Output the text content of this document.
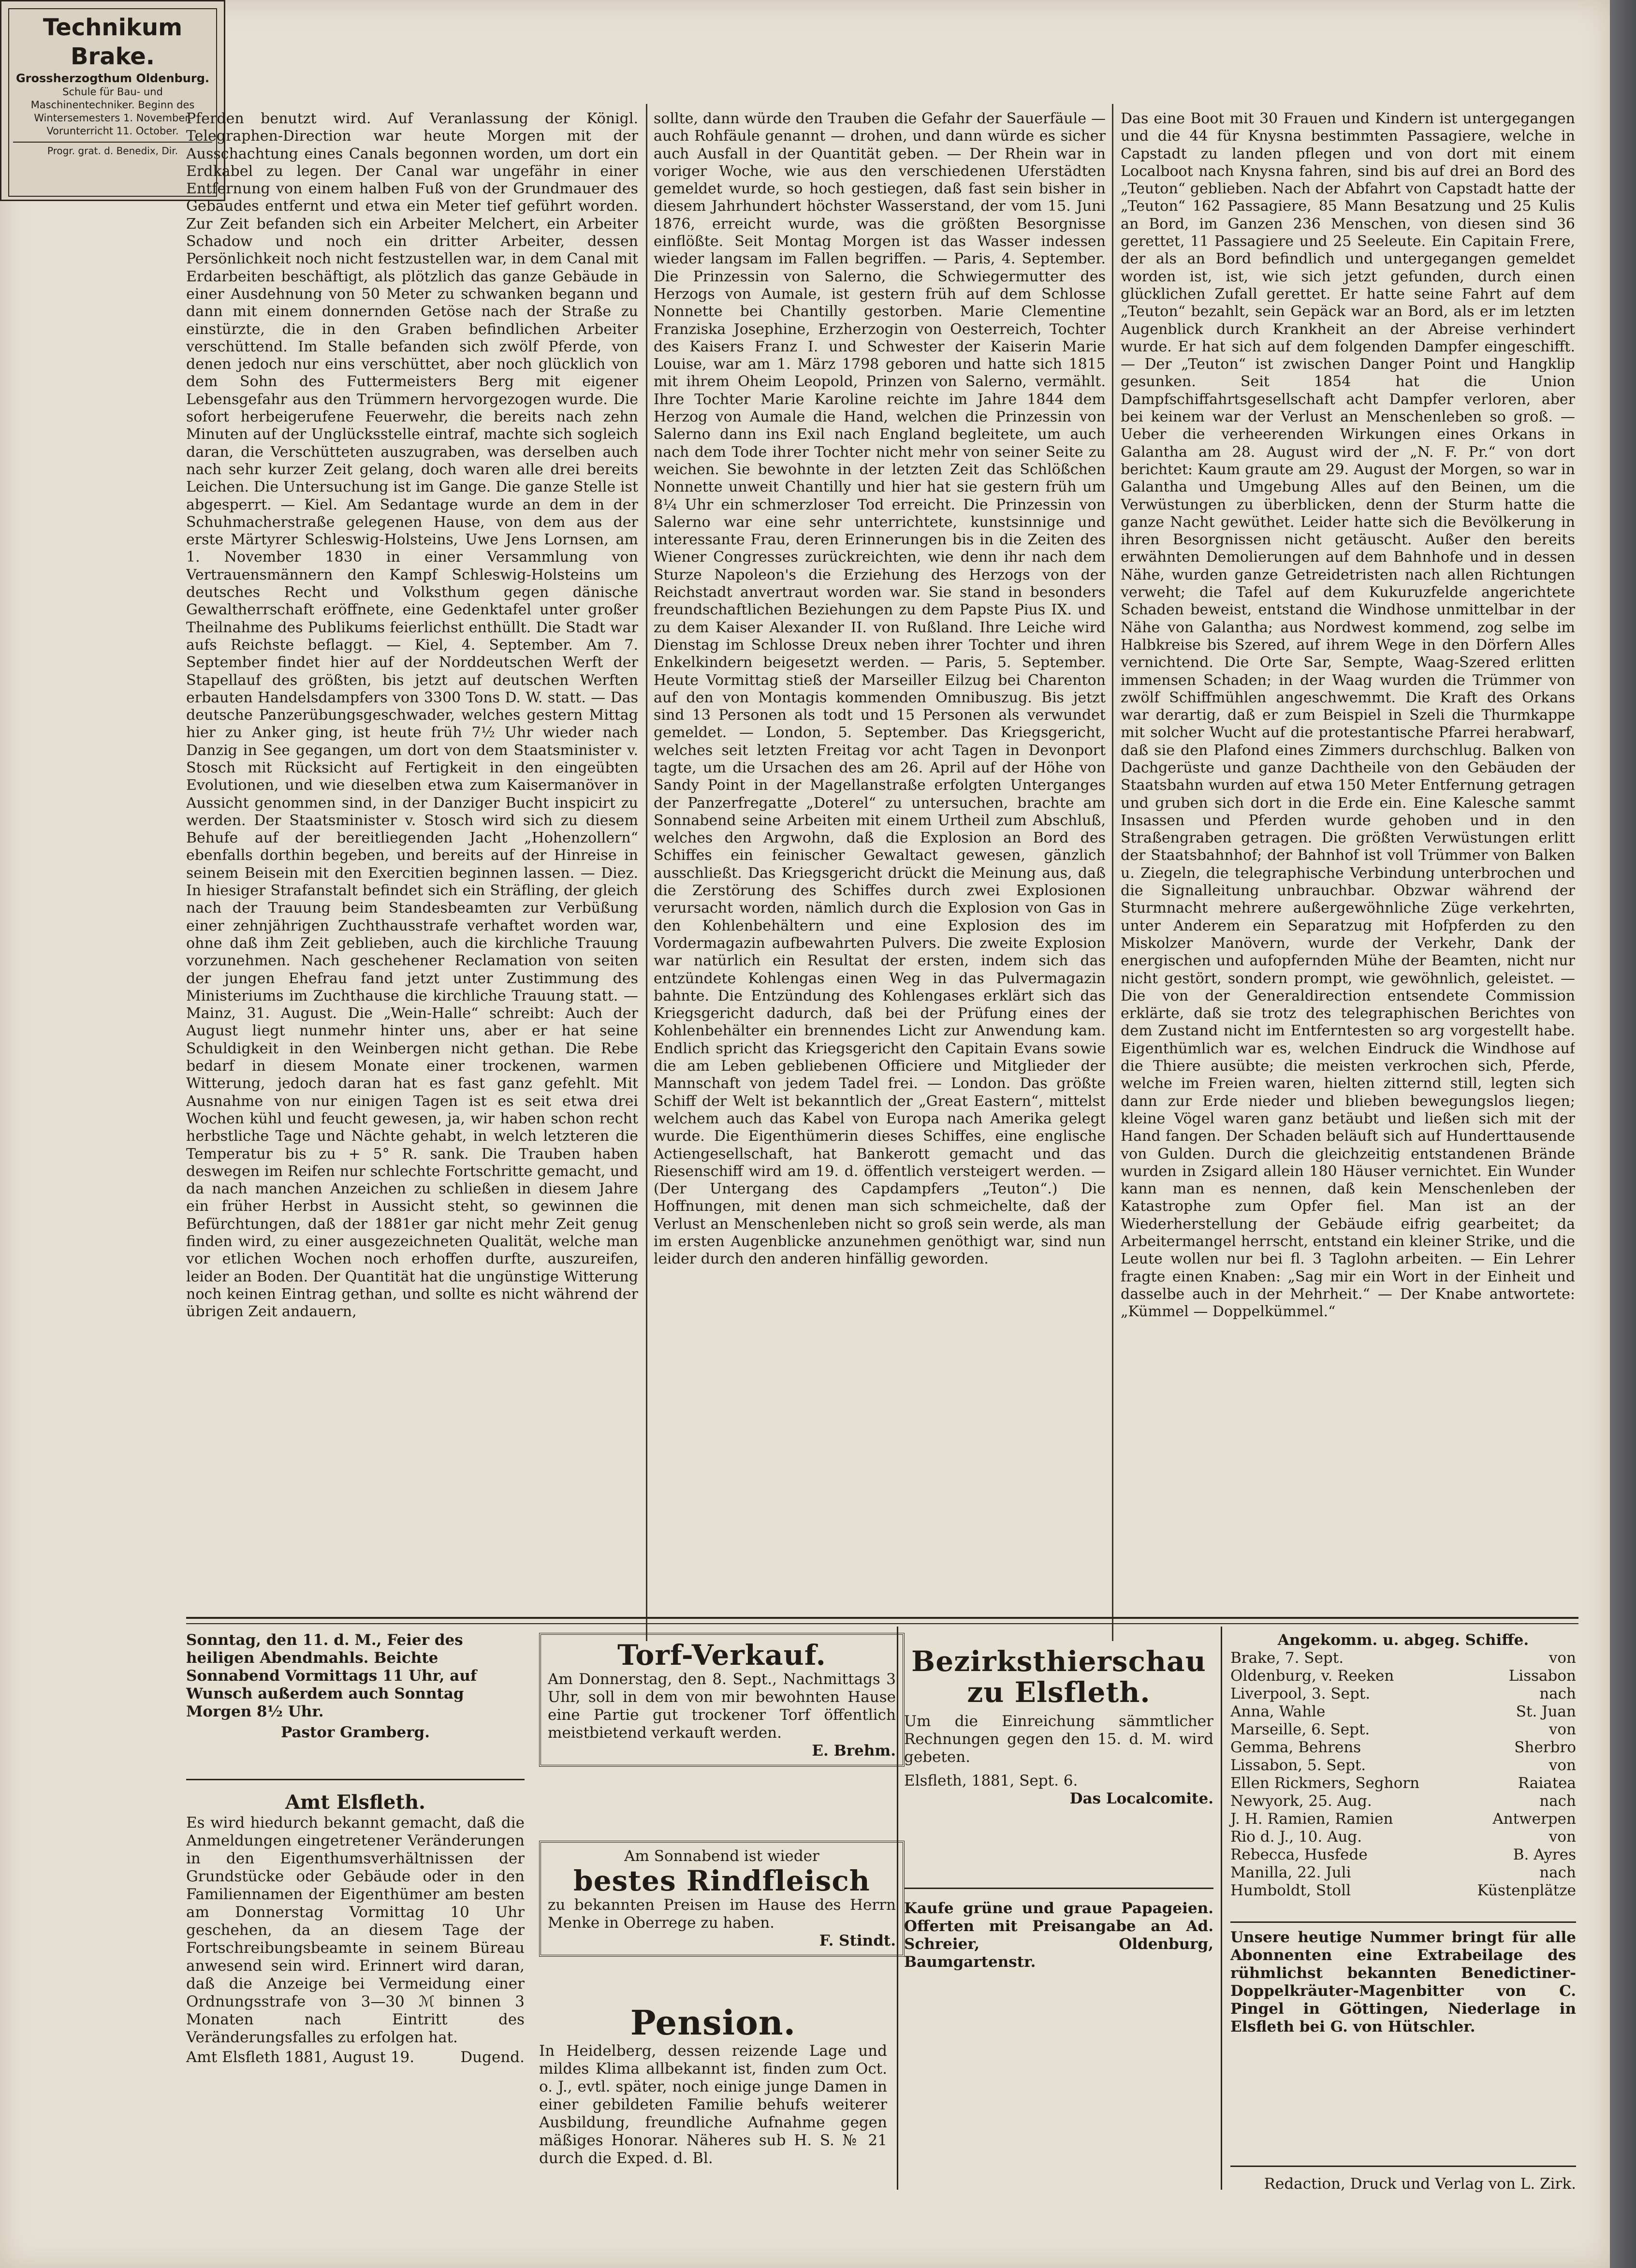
Pferden benutzt wird. Auf Veranlassung der Königl. Telegraphen-Direction war heute Morgen mit der Ausschachtung eines Canals begonnen worden, um dort ein Erdkabel zu legen. Der Canal war ungefähr in einer Entfernung von einem halben Fuß von der Grundmauer des Gebäudes entfernt und etwa ein Meter tief geführt worden. Zur Zeit befanden sich ein Arbeiter Melchert, ein Arbeiter Schadow und noch ein dritter Arbeiter, dessen Persönlichkeit noch nicht festzustellen war, in dem Canal mit Erdarbeiten beschäftigt, als plötzlich das ganze Gebäude in einer Ausdehnung von 50 Meter zu schwanken begann und dann mit einem donnernden Getöse nach der Straße zu einstürzte, die in den Graben befindlichen Arbeiter verschüttend. Im Stalle befanden sich zwölf Pferde, von denen jedoch nur eins verschüttet, aber noch glücklich von dem Sohn des Futtermeisters Berg mit eigener Lebensgefahr aus den Trümmern hervorgezogen wurde. Die sofort herbeigerufene Feuerwehr, die bereits nach zehn Minuten auf der Unglücksstelle eintraf, machte sich sogleich daran, die Verschütteten auszugraben, was derselben auch nach sehr kurzer Zeit gelang, doch waren alle drei bereits Leichen. Die Untersuchung ist im Gange. Die ganze Stelle ist abgesperrt. — Kiel. Am Sedantage wurde an dem in der Schuhmacherstraße gelegenen Hause, von dem aus der erste Märtyrer Schleswig-Holsteins, Uwe Jens Lornsen, am 1. November 1830 in einer Versammlung von Vertrauensmännern den Kampf Schleswig-Holsteins um deutsches Recht und Volksthum gegen dänische Gewaltherrschaft eröffnete, eine Gedenktafel unter großer Theilnahme des Publikums feierlichst enthüllt. Die Stadt war aufs Reichste beflaggt. — Kiel, 4. September. Am 7. September findet hier auf der Norddeutschen Werft der Stapellauf des größten, bis jetzt auf deutschen Werften erbauten Handelsdampfers von 3300 Tons D. W. statt. — Das deutsche Panzerübungsgeschwader, welches gestern Mittag hier zu Anker ging, ist heute früh 7½ Uhr wieder nach Danzig in See gegangen, um dort von dem Staatsminister v. Stosch mit Rücksicht auf Fertigkeit in den eingeübten Evolutionen, und wie dieselben etwa zum Kaisermanöver in Aussicht genommen sind, in der Danziger Bucht inspicirt zu werden. Der Staatsminister v. Stosch wird sich zu diesem Behufe auf der bereitliegenden Jacht „Hohenzollern“ ebenfalls dorthin begeben, und bereits auf der Hinreise in seinem Beisein mit den Exercitien beginnen lassen. — Diez. In hiesiger Strafanstalt befindet sich ein Sträfling, der gleich nach der Trauung beim Standesbeamten zur Verbüßung einer zehnjährigen Zuchthausstrafe verhaftet worden war, ohne daß ihm Zeit geblieben, auch die kirchliche Trauung vorzunehmen. Nach geschehener Reclamation von seiten der jungen Ehefrau fand jetzt unter Zustimmung des Ministeriums im Zuchthause die kirchliche Trauung statt. — Mainz, 31. August. Die „Wein-Halle“ schreibt: Auch der August liegt nunmehr hinter uns, aber er hat seine Schuldigkeit in den Weinbergen nicht gethan. Die Rebe bedarf in diesem Monate einer trockenen, warmen Witterung, jedoch daran hat es fast ganz gefehlt. Mit Ausnahme von nur einigen Tagen ist es seit etwa drei Wochen kühl und feucht gewesen, ja, wir haben schon recht herbstliche Tage und Nächte gehabt, in welch letzteren die Temperatur bis zu + 5° R. sank. Die Trauben haben deswegen im Reifen nur schlechte Fortschritte gemacht, und da nach manchen Anzeichen zu schließen in diesem Jahre ein früher Herbst in Aussicht steht, so gewinnen die Befürchtungen, daß der 1881er gar nicht mehr Zeit genug finden wird, zu einer ausgezeichneten Qualität, welche man vor etlichen Wochen noch erhoffen durfte, auszureifen, leider an Boden. Der Quantität hat die ungünstige Witterung noch keinen Eintrag gethan, und sollte es nicht während der übrigen Zeit andauern,

sollte, dann würde den Trauben die Gefahr der Sauerfäule — auch Rohfäule genannt — drohen, und dann würde es sicher auch Ausfall in der Quantität geben. — Der Rhein war in voriger Woche, wie aus den verschiedenen Uferstädten gemeldet wurde, so hoch gestiegen, daß fast sein bisher in diesem Jahrhundert höchster Wasserstand, der vom 15. Juni 1876, erreicht wurde, was die größten Besorgnisse einflößte. Seit Montag Morgen ist das Wasser indessen wieder langsam im Fallen begriffen. — Paris, 4. September. Die Prinzessin von Salerno, die Schwiegermutter des Herzogs von Aumale, ist gestern früh auf dem Schlosse Nonnette bei Chantilly gestorben. Marie Clementine Franziska Josephine, Erzherzogin von Oesterreich, Tochter des Kaisers Franz I. und Schwester der Kaiserin Marie Louise, war am 1. März 1798 geboren und hatte sich 1815 mit ihrem Oheim Leopold, Prinzen von Salerno, vermählt. Ihre Tochter Marie Karoline reichte im Jahre 1844 dem Herzog von Aumale die Hand, welchen die Prinzessin von Salerno dann ins Exil nach England begleitete, um auch nach dem Tode ihrer Tochter nicht mehr von seiner Seite zu weichen. Sie bewohnte in der letzten Zeit das Schlößchen Nonnette unweit Chantilly und hier hat sie gestern früh um 8¼ Uhr ein schmerzloser Tod erreicht. Die Prinzessin von Salerno war eine sehr unterrichtete, kunstsinnige und interessante Frau, deren Erinnerungen bis in die Zeiten des Wiener Congresses zurückreichten, wie denn ihr nach dem Sturze Napoleon's die Erziehung des Herzogs von der Reichstadt anvertraut worden war. Sie stand in besonders freundschaftlichen Beziehungen zu dem Papste Pius IX. und zu dem Kaiser Alexander II. von Rußland. Ihre Leiche wird Dienstag im Schlosse Dreux neben ihrer Tochter und ihren Enkelkindern beigesetzt werden. — Paris, 5. September. Heute Vormittag stieß der Marseiller Eilzug bei Charenton auf den von Montagis kommenden Omnibuszug. Bis jetzt sind 13 Personen als todt und 15 Personen als verwundet gemeldet. — London, 5. September. Das Kriegsgericht, welches seit letzten Freitag vor acht Tagen in Devonport tagte, um die Ursachen des am 26. April auf der Höhe von Sandy Point in der Magellanstraße erfolgten Unterganges der Panzerfregatte „Doterel“ zu untersuchen, brachte am Sonnabend seine Arbeiten mit einem Urtheil zum Abschluß, welches den Argwohn, daß die Explosion an Bord des Schiffes ein feinischer Gewaltact gewesen, gänzlich ausschließt. Das Kriegsgericht drückt die Meinung aus, daß die Zerstörung des Schiffes durch zwei Explosionen verursacht worden, nämlich durch die Explosion von Gas in den Kohlenbehältern und eine Explosion des im Vordermagazin aufbewahrten Pulvers. Die zweite Explosion war natürlich ein Resultat der ersten, indem sich das entzündete Kohlengas einen Weg in das Pulvermagazin bahnte. Die Entzündung des Kohlengases erklärt sich das Kriegsgericht dadurch, daß bei der Prüfung eines der Kohlenbehälter ein brennendes Licht zur Anwendung kam. Endlich spricht das Kriegsgericht den Capitain Evans sowie die am Leben gebliebenen Officiere und Mitglieder der Mannschaft von jedem Tadel frei. — London. Das größte Schiff der Welt ist bekanntlich der „Great Eastern“, mittelst welchem auch das Kabel von Europa nach Amerika gelegt wurde. Die Eigenthümerin dieses Schiffes, eine englische Actiengesellschaft, hat Bankerott gemacht und das Riesenschiff wird am 19. d. öffentlich versteigert werden. — (Der Untergang des Capdampfers „Teuton“.) Die Hoffnungen, mit denen man sich schmeichelte, daß der Verlust an Menschenleben nicht so groß sein werde, als man im ersten Augenblicke anzunehmen genöthigt war, sind nun leider durch den anderen hinfällig geworden.

Das eine Boot mit 30 Frauen und Kindern ist untergegangen und die 44 für Knysna bestimmten Passagiere, welche in Capstadt zu landen pflegen und von dort mit einem Localboot nach Knysna fahren, sind bis auf drei an Bord des „Teuton“ geblieben. Nach der Abfahrt von Capstadt hatte der „Teuton“ 162 Passagiere, 85 Mann Besatzung und 25 Kulis an Bord, im Ganzen 236 Menschen, von diesen sind 36 gerettet, 11 Passagiere und 25 Seeleute. Ein Capitain Frere, der als an Bord befindlich und untergegangen gemeldet worden ist, ist, wie sich jetzt gefunden, durch einen glücklichen Zufall gerettet. Er hatte seine Fahrt auf dem „Teuton“ bezahlt, sein Gepäck war an Bord, als er im letzten Augenblick durch Krankheit an der Abreise verhindert wurde. Er hat sich auf dem folgenden Dampfer eingeschifft. — Der „Teuton“ ist zwischen Danger Point und Hangklip gesunken. Seit 1854 hat die Union Dampfschiffahrtsgesellschaft acht Dampfer verloren, aber bei keinem war der Verlust an Menschenleben so groß. — Ueber die verheerenden Wirkungen eines Orkans in Galantha am 28. August wird der „N. F. Pr.“ von dort berichtet: Kaum graute am 29. August der Morgen, so war in Galantha und Umgebung Alles auf den Beinen, um die Verwüstungen zu überblicken, denn der Sturm hatte die ganze Nacht gewüthet. Leider hatte sich die Bevölkerung in ihren Besorgnissen nicht getäuscht. Außer den bereits erwähnten Demolierungen auf dem Bahnhofe und in dessen Nähe, wurden ganze Getreidetristen nach allen Richtungen verweht; die Tafel auf dem Kukuruzfelde angerichtete Schaden beweist, entstand die Windhose unmittelbar in der Nähe von Galantha; aus Nordwest kommend, zog selbe im Halbkreise bis Szered, auf ihrem Wege in den Dörfern Alles vernichtend. Die Orte Sar, Sempte, Waag-Szered erlitten immensen Schaden; in der Waag wurden die Trümmer von zwölf Schiffmühlen angeschwemmt. Die Kraft des Orkans war derartig, daß er zum Beispiel in Szeli die Thurmkappe mit solcher Wucht auf die protestantische Pfarrei herabwarf, daß sie den Plafond eines Zimmers durchschlug. Balken von Dachgerüste und ganze Dachtheile von den Gebäuden der Staatsbahn wurden auf etwa 150 Meter Entfernung getragen und gruben sich dort in die Erde ein. Eine Kalesche sammt Insassen und Pferden wurde gehoben und in den Straßengraben getragen. Die größten Verwüstungen erlitt der Staatsbahnhof; der Bahnhof ist voll Trümmer von Balken u. Ziegeln, die telegraphische Verbindung unterbrochen und die Signalleitung unbrauchbar. Obzwar während der Sturmnacht mehrere außergewöhnliche Züge verkehrten, unter Anderem ein Separatzug mit Hofpferden zu den Miskolzer Manövern, wurde der Verkehr, Dank der energischen und aufopfernden Mühe der Beamten, nicht nur nicht gestört, sondern prompt, wie gewöhnlich, geleistet. — Die von der Generaldirection entsendete Commission erklärte, daß sie trotz des telegraphischen Berichtes von dem Zustand nicht im Entferntesten so arg vorgestellt habe. Eigenthümlich war es, welchen Eindruck die Windhose auf die Thiere ausübte; die meisten verkrochen sich, Pferde, welche im Freien waren, hielten zitternd still, legten sich dann zur Erde nieder und blieben bewegungslos liegen; kleine Vögel waren ganz betäubt und ließen sich mit der Hand fangen. Der Schaden beläuft sich auf Hunderttausende von Gulden. Durch die gleichzeitig entstandenen Brände wurden in Zsigard allein 180 Häuser vernichtet. Ein Wunder kann man es nennen, daß kein Menschenleben der Katastrophe zum Opfer fiel. Man ist an der Wiederherstellung der Gebäude eifrig gearbeitet; da Arbeitermangel herrscht, entstand ein kleiner Strike, und die Leute wollen nur bei fl. 3 Taglohn arbeiten. — Ein Lehrer fragte einen Knaben: „Sag mir ein Wort in der Einheit und dasselbe auch in der Mehrheit.“ — Der Knabe antwortete: „Kümmel — Doppelkümmel.“

Sonntag, den 11. d. M., Feier des heiligen Abendmahls. Beichte Sonnabend Vormittags 11 Uhr, auf Wunsch außerdem auch Sonntag Morgen 8½ Uhr.
Pastor Gramberg.
Amt Elsfleth.
Es wird hiedurch bekannt gemacht, daß die Anmeldungen eingetretener Veränderungen in den Eigenthumsverhältnissen der Grundstücke oder Gebäude oder in den Familiennamen der Eigenthümer am besten am Donnerstag Vormittag 10 Uhr geschehen, da an diesem Tage der Fortschreibungsbeamte in seinem Büreau anwesend sein wird. Erinnert wird daran, daß die Anzeige bei Vermeidung einer Ordnungsstrafe von 3—30 ℳ binnen 3 Monaten nach Eintritt des Veränderungsfalles zu erfolgen hat.
Amt Elsfleth 1881, August 19.	Dugend.
Torf-Verkauf.
Am Donnerstag, den 8. Sept., Nachmittags 3 Uhr, soll in dem von mir bewohnten Hause eine Partie gut trockener Torf öffentlich meistbietend verkauft werden.
E. Brehm.
Am Sonnabend ist wieder
bestes Rindfleisch
zu bekannten Preisen im Hause des Herrn Menke in Oberrege zu haben.
F. Stindt.
Pension.
In Heidelberg, dessen reizende Lage und mildes Klima allbekannt ist, finden zum Oct. o. J., evtl. später, noch einige junge Damen in einer gebildeten Familie behufs weiterer Ausbildung, freundliche Aufnahme gegen mäßiges Honorar. Näheres sub H. S. № 21 durch die Exped. d. Bl.
Bezirksthierschau zu Elsfleth.
Um die Einreichung sämmtlicher Rechnungen gegen den 15. d. M. wird gebeten.
Elsfleth, 1881, Sept. 6.
Das Localcomite.
Kaufe grüne und graue Papageien. Offerten mit Preisangabe an Ad. Schreier, Oldenburg, Baumgartenstr.
Technikum Brake.
Grossherzogthum Oldenburg.
Schule für Bau- und Maschinentechniker. Beginn des Wintersemesters 1. November. Vorunterricht 11. October.
Progr. grat. d. Benedix, Dir.
Angekomm. u. abgeg. Schiffe.
Brake, 7. Sept.	von
Oldenburg, v. Reeken	Lissabon
Liverpool, 3. Sept.	nach
Anna, Wahle	St. Juan
Marseille, 6. Sept.	von
Gemma, Behrens	Sherbro
Lissabon, 5. Sept.	von
Ellen Rickmers, Seghorn	Raiatea
Newyork, 25. Aug.	nach
J. H. Ramien, Ramien	Antwerpen
Rio d. J., 10. Aug.	von
Rebecca, Husfede	B. Ayres
Manilla, 22. Juli	nach
Humboldt, Stoll	Küstenplätze
Unsere heutige Nummer bringt für alle Abonnenten eine Extrabeilage des rühmlichst bekannten Benedictiner-Doppelkräuter-Magenbitter von C. Pingel in Göttingen, Niederlage in Elsfleth bei G. von Hütschler.
Redaction, Druck und Verlag von L. Zirk.
